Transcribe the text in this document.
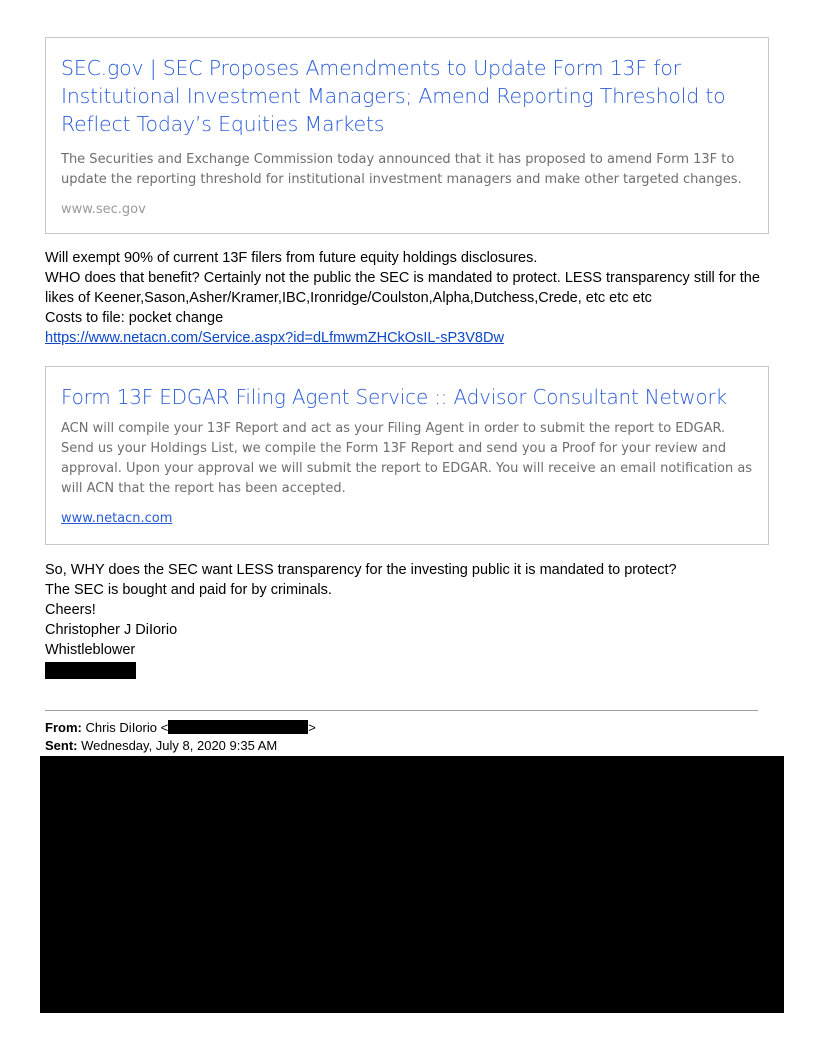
SEC.gov | SEC Proposes Amendments to Update Form 13F for Institutional Investment Managers; Amend Reporting Threshold to Reflect Today’s Equities Markets

The Securities and Exchange Commission today announced that it has proposed to amend Form 13F to update the reporting threshold for institutional investment managers and make other targeted changes.

www.sec.gov

Will exempt 90% of current 13F filers from future equity holdings disclosures.

WHO does that benefit? Certainly not the public the SEC is mandated to protect. LESS transparency still for the likes of Keener,Sason,Asher/Kramer,IBC,Ironridge/Coulston,Alpha,Dutchess,Crede, etc etc etc

Costs to file: pocket change

https://www.netacn.com/Service.aspx?id=dLfmwmZHCkOsIL-sP3V8Dw

Form 13F EDGAR Filing Agent Service :: Advisor Consultant Network

ACN will compile your 13F Report and act as your Filing Agent in order to submit the report to EDGAR. Send us your Holdings List, we compile the Form 13F Report and send you a Proof for your review and approval. Upon your approval we will submit the report to EDGAR. You will receive an email notification as will ACN that the report has been accepted.

www.netacn.com

So, WHY does the SEC want LESS transparency for the investing public it is mandated to protect?

The SEC is bought and paid for by criminals.

Cheers!

Christopher J DiIorio

Whistleblower

From: Chris DiIorio <	>
Sent: Wednesday, July 8, 2020 9:35 AM
